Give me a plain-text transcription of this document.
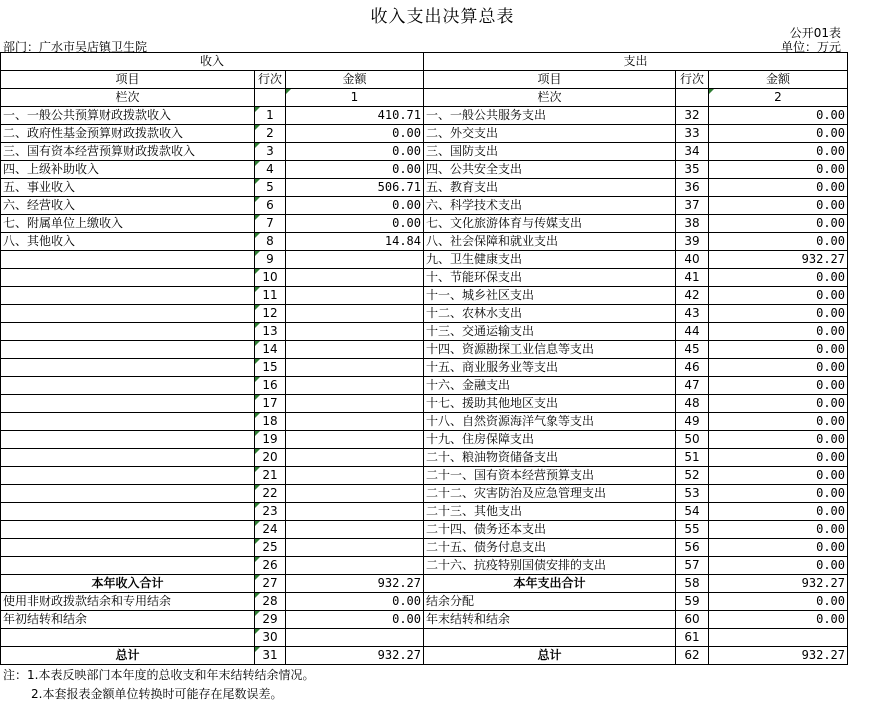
收入支出决算总表
公开01表
部门：广水市吴店镇卫生院	单位：万元
收入			支出		
项目	行次	金额	项目	行次	金额
栏次		1	栏次		2
一、一般公共预算财政拨款收入	1	410.71	一、一般公共服务支出	32	0.00
二、政府性基金预算财政拨款收入	2	0.00	二、外交支出	33	0.00
三、国有资本经营预算财政拨款收入	3	0.00	三、国防支出	34	0.00
四、上级补助收入	4	0.00	四、公共安全支出	35	0.00
五、事业收入	5	506.71	五、教育支出	36	0.00
六、经营收入	6	0.00	六、科学技术支出	37	0.00
七、附属单位上缴收入	7	0.00	七、文化旅游体育与传媒支出	38	0.00
八、其他收入	8	14.84	八、社会保障和就业支出	39	0.00
	9		九、卫生健康支出	40	932.27
	10		十、节能环保支出	41	0.00
	11		十一、城乡社区支出	42	0.00
	12		十二、农林水支出	43	0.00
	13		十三、交通运输支出	44	0.00
	14		十四、资源勘探工业信息等支出	45	0.00
	15		十五、商业服务业等支出	46	0.00
	16		十六、金融支出	47	0.00
	17		十七、援助其他地区支出	48	0.00
	18		十八、自然资源海洋气象等支出	49	0.00
	19		十九、住房保障支出	50	0.00
	20		二十、粮油物资储备支出	51	0.00
	21		二十一、国有资本经营预算支出	52	0.00
	22		二十二、灾害防治及应急管理支出	53	0.00
	23		二十三、其他支出	54	0.00
	24		二十四、债务还本支出	55	0.00
	25		二十五、债务付息支出	56	0.00
	26		二十六、抗疫特别国债安排的支出	57	0.00
本年收入合计	27	932.27	本年支出合计	58	932.27
使用非财政拨款结余和专用结余	28	0.00	结余分配	59	0.00
年初结转和结余	29	0.00	年末结转和结余	60	0.00
	30			61	
总计	31	932.27	总计	62	932.27
注：1.本表反映部门本年度的总收支和年末结转结余情况。
2.本套报表金额单位转换时可能存在尾数误差。
